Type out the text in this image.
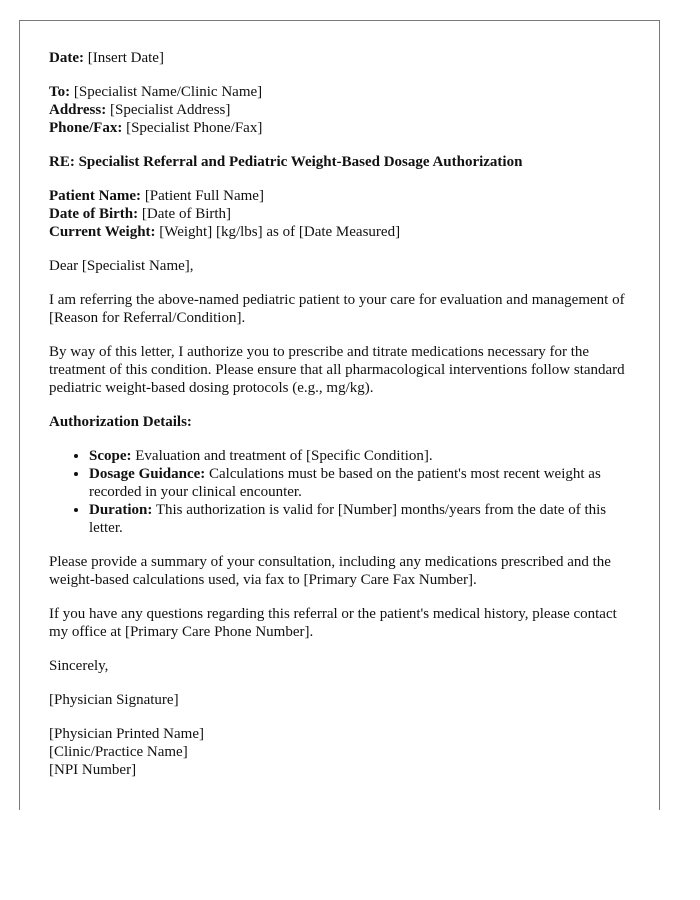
Date: [Insert Date]

To: [Specialist Name/Clinic Name]
Address: [Specialist Address]
Phone/Fax: [Specialist Phone/Fax]

RE: Specialist Referral and Pediatric Weight-Based Dosage Authorization

Patient Name: [Patient Full Name]
Date of Birth: [Date of Birth]
Current Weight: [Weight] [kg/lbs] as of [Date Measured]

Dear [Specialist Name],

I am referring the above-named pediatric patient to your care for evaluation and management of [Reason for Referral/Condition].

By way of this letter, I authorize you to prescribe and titrate medications necessary for the treatment of this condition. Please ensure that all pharmacological interventions follow standard pediatric weight-based dosing protocols (e.g., mg/kg).

Authorization Details:
• Scope: Evaluation and treatment of [Specific Condition].
• Dosage Guidance: Calculations must be based on the patient's most recent weight as recorded in your clinical encounter.
• Duration: This authorization is valid for [Number] months/years from the date of this letter.

Please provide a summary of your consultation, including any medications prescribed and the weight-based calculations used, via fax to [Primary Care Fax Number].

If you have any questions regarding this referral or the patient's medical history, please contact my office at [Primary Care Phone Number].

Sincerely,

[Physician Signature]

[Physician Printed Name]
[Clinic/Practice Name]
[NPI Number]
